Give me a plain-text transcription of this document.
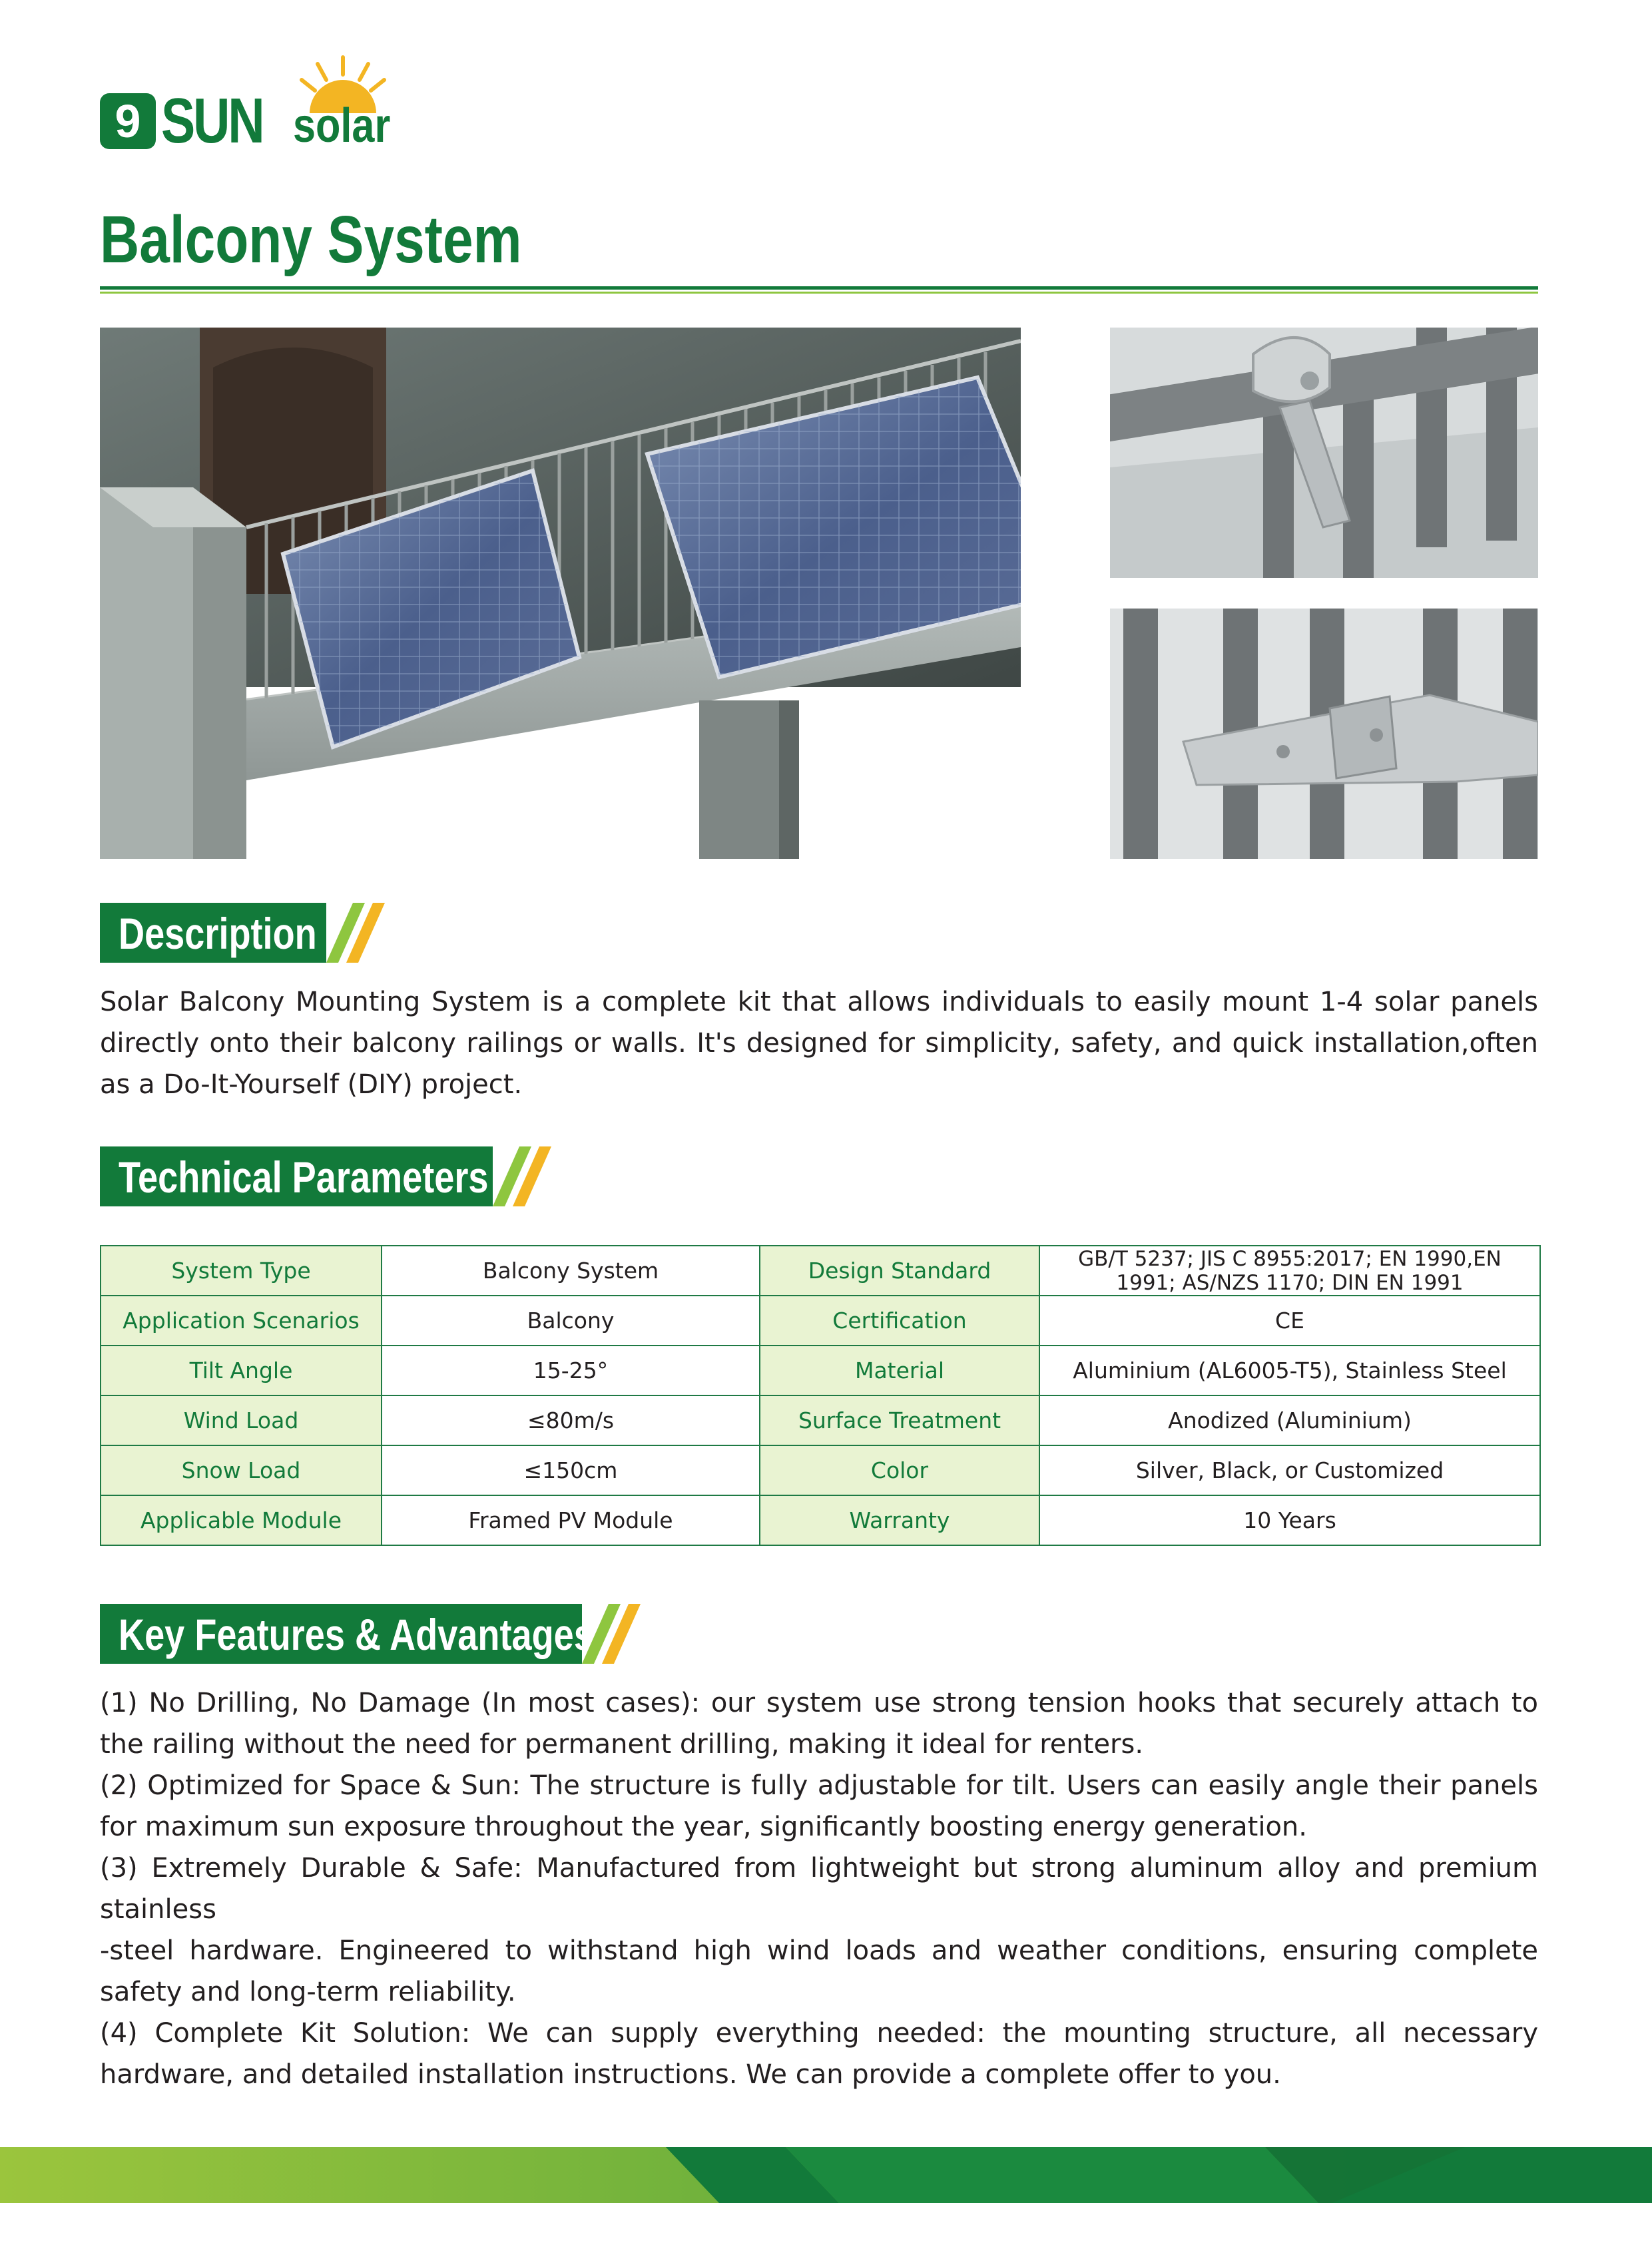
9 SUN solar
Balcony System
Description
Solar Balcony Mounting System is a complete kit that allows individuals to easily mount 1-4 solar panels directly onto their balcony railings or walls. It's designed for simplicity, safety, and quick installation,often as a Do-It-Yourself (DIY) project.
Technical Parameters
System Type	Balcony System	Design Standard	GB/T 5237; JIS C 8955:2017; EN 1990,EN 1991; AS/NZS 1170; DIN EN 1991
Application Scenarios	Balcony	Certification	CE
Tilt Angle	15-25°	Material	Aluminium (AL6005-T5), Stainless Steel
Wind Load	≤80m/s	Surface Treatment	Anodized (Aluminium)
Snow Load	≤150cm	Color	Silver, Black, or Customized
Applicable Module	Framed PV Module	Warranty	10 Years
Key Features & Advantages

(1) No Drilling, No Damage (In most cases): our system use strong tension hooks that securely attach to the railing without the need for permanent drilling, making it ideal for renters.

(2) Optimized for Space & Sun: The structure is fully adjustable for tilt. Users can easily angle their panels for maximum sun exposure throughout the year, significantly boosting energy generation.

(3) Extremely Durable & Safe: Manufactured from lightweight but strong aluminum alloy and premium stainless

-steel hardware. Engineered to withstand high wind loads and weather conditions, ensuring complete safety and long-term reliability.

(4) Complete Kit Solution: We can supply everything needed: the mounting structure, all necessary hardware, and detailed installation instructions. We can provide a complete offer to you.
